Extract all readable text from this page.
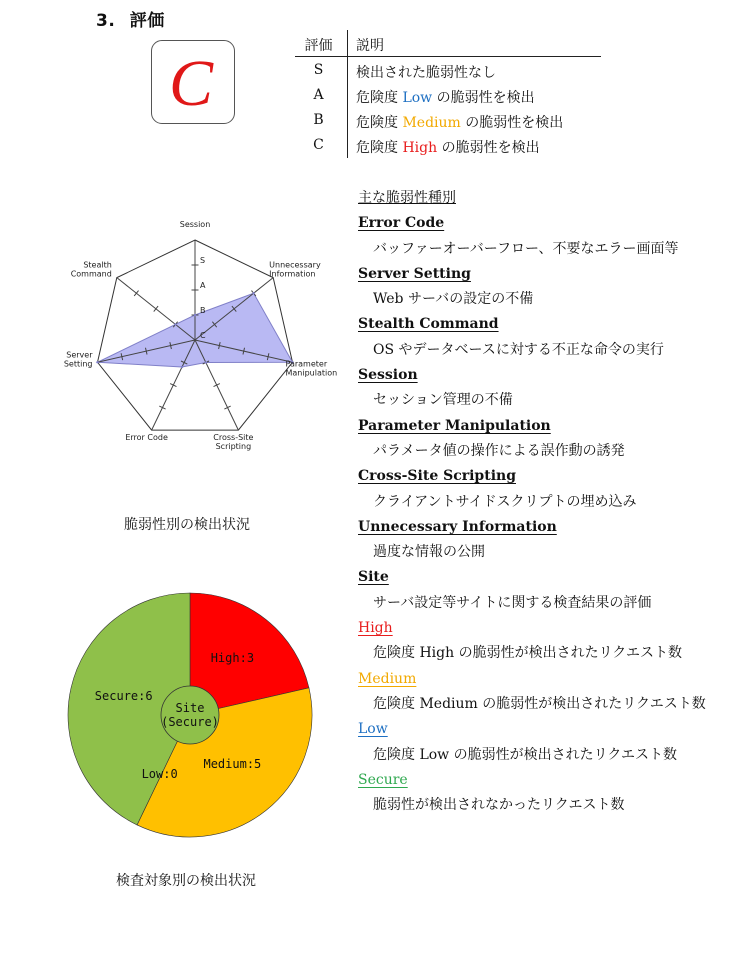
3. 評価
C
評価	説明
S	検出された脆弱性なし
A	危険度 Low の脆弱性を検出
B	危険度 Medium の脆弱性を検出
C	危険度 High の脆弱性を検出
C
B
A
S
Session
Unnecessary Information
Parameter Manipulation
Cross-Site Scripting
Error Code
Server Setting
Stealth Command
脆弱性別の検出状況
High:3
Medium:5
Low:0
Secure:6
Site
(Secure)
検査対象別の検出状況
主な脆弱性種別
Error Code
バッファーオーバーフロー、不要なエラー画面等
Server Setting
Web サーバの設定の不備
Stealth Command
OS やデータベースに対する不正な命令の実行
Session
セッション管理の不備
Parameter Manipulation
パラメータ値の操作による誤作動の誘発
Cross-Site Scripting
クライアントサイドスクリプトの埋め込み
Unnecessary Information
過度な情報の公開
Site
サーバ設定等サイトに関する検査結果の評価
High
危険度 High の脆弱性が検出されたリクエスト数
Medium
危険度 Medium の脆弱性が検出されたリクエスト数
Low
危険度 Low の脆弱性が検出されたリクエスト数
Secure
脆弱性が検出されなかったリクエスト数
